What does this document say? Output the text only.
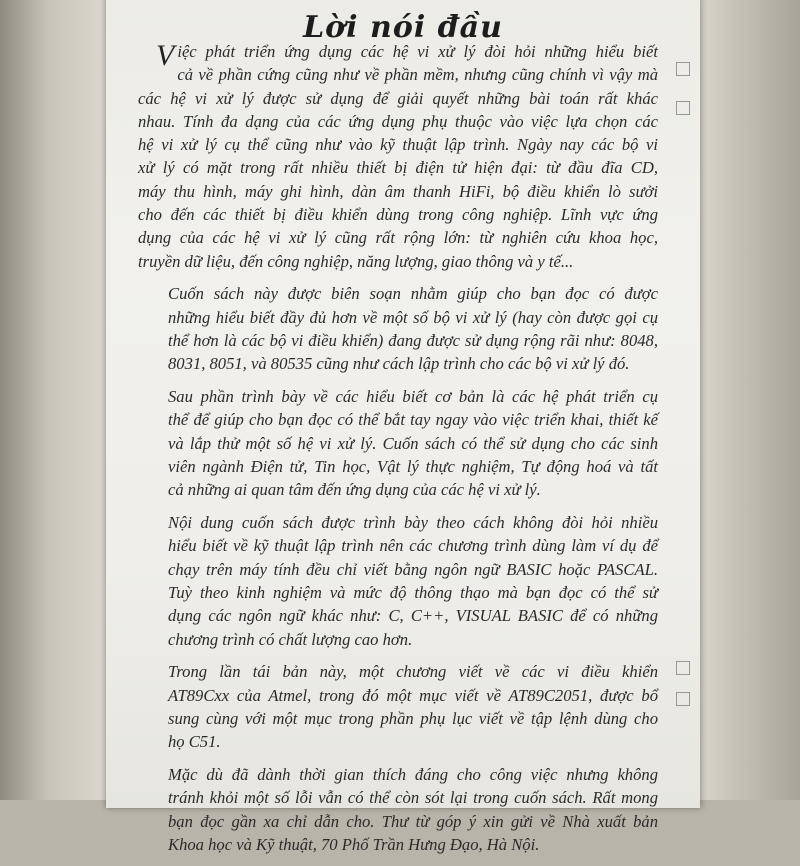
Lời nói đầu

V iệc phát triển ứng dụng các hệ vi xử lý đòi hỏi những hiểu biết
cả về phần cứng cũng như về phần mềm, nhưng cũng chính vì vậy mà
các hệ vi xử lý được sử dụng để giải quyết những bài toán rất khác
nhau. Tính đa dạng của các ứng dụng phụ thuộc vào việc lựa chọn các
hệ vi xử lý cụ thể cũng như vào kỹ thuật lập trình. Ngày nay các bộ vi
xử lý có mặt trong rất nhiều thiết bị điện tử hiện đại: từ đầu đĩa CD,
máy thu hình, máy ghi hình, dàn âm thanh HiFi, bộ điều khiển lò sưởi
cho đến các thiết bị điều khiển dùng trong công nghiệp. Lĩnh vực ứng
dụng của các hệ vi xử lý cũng rất rộng lớn: từ nghiên cứu khoa học,
truyền dữ liệu, đến công nghiệp, năng lượng, giao thông và y tế...

Cuốn sách này được biên soạn nhằm giúp cho bạn đọc có được
những hiểu biết đầy đủ hơn về một số bộ vi xử lý (hay còn được gọi cụ
thể hơn là các bộ vi điều khiển) đang được sử dụng rộng rãi như: 8048,
8031, 8051, và 80535 cũng như cách lập trình cho các bộ vi xử lý đó.

Sau phần trình bày về các hiểu biết cơ bản là các hệ phát triển cụ
thể để giúp cho bạn đọc có thể bắt tay ngay vào việc triển khai, thiết kế
và lắp thử một số hệ vi xử lý. Cuốn sách có thể sử dụng cho các sinh
viên ngành Điện tử, Tin học, Vật lý thực nghiệm, Tự động hoá và tất
cả những ai quan tâm đến ứng dụng của các hệ vi xử lý.

Nội dung cuốn sách được trình bày theo cách không đòi hỏi nhiều
hiểu biết về kỹ thuật lập trình nên các chương trình dùng làm ví dụ để
chạy trên máy tính đều chỉ viết bằng ngôn ngữ BASIC hoặc PASCAL.
Tuỳ theo kinh nghiệm và mức độ thông thạo mà bạn đọc có thể sử
dụng các ngôn ngữ khác như: C, C++, VISUAL BASIC để có những
chương trình có chất lượng cao hơn.

Trong lần tái bản này, một chương viết về các vi điều khiển
AT89Cxx của Atmel, trong đó một mục viết về AT89C2051, được bổ
sung cùng với một mục trong phần phụ lục viết về tập lệnh dùng cho
họ C51.

Mặc dù đã dành thời gian thích đáng cho công việc nhưng không
tránh khỏi một số lỗi vẫn có thể còn sót lại trong cuốn sách. Rất mong
bạn đọc gần xa chỉ dẫn cho. Thư từ góp ý xin gửi về Nhà xuất bản
Khoa học và Kỹ thuật, 70 Phố Trần Hưng Đạo, Hà Nội.
